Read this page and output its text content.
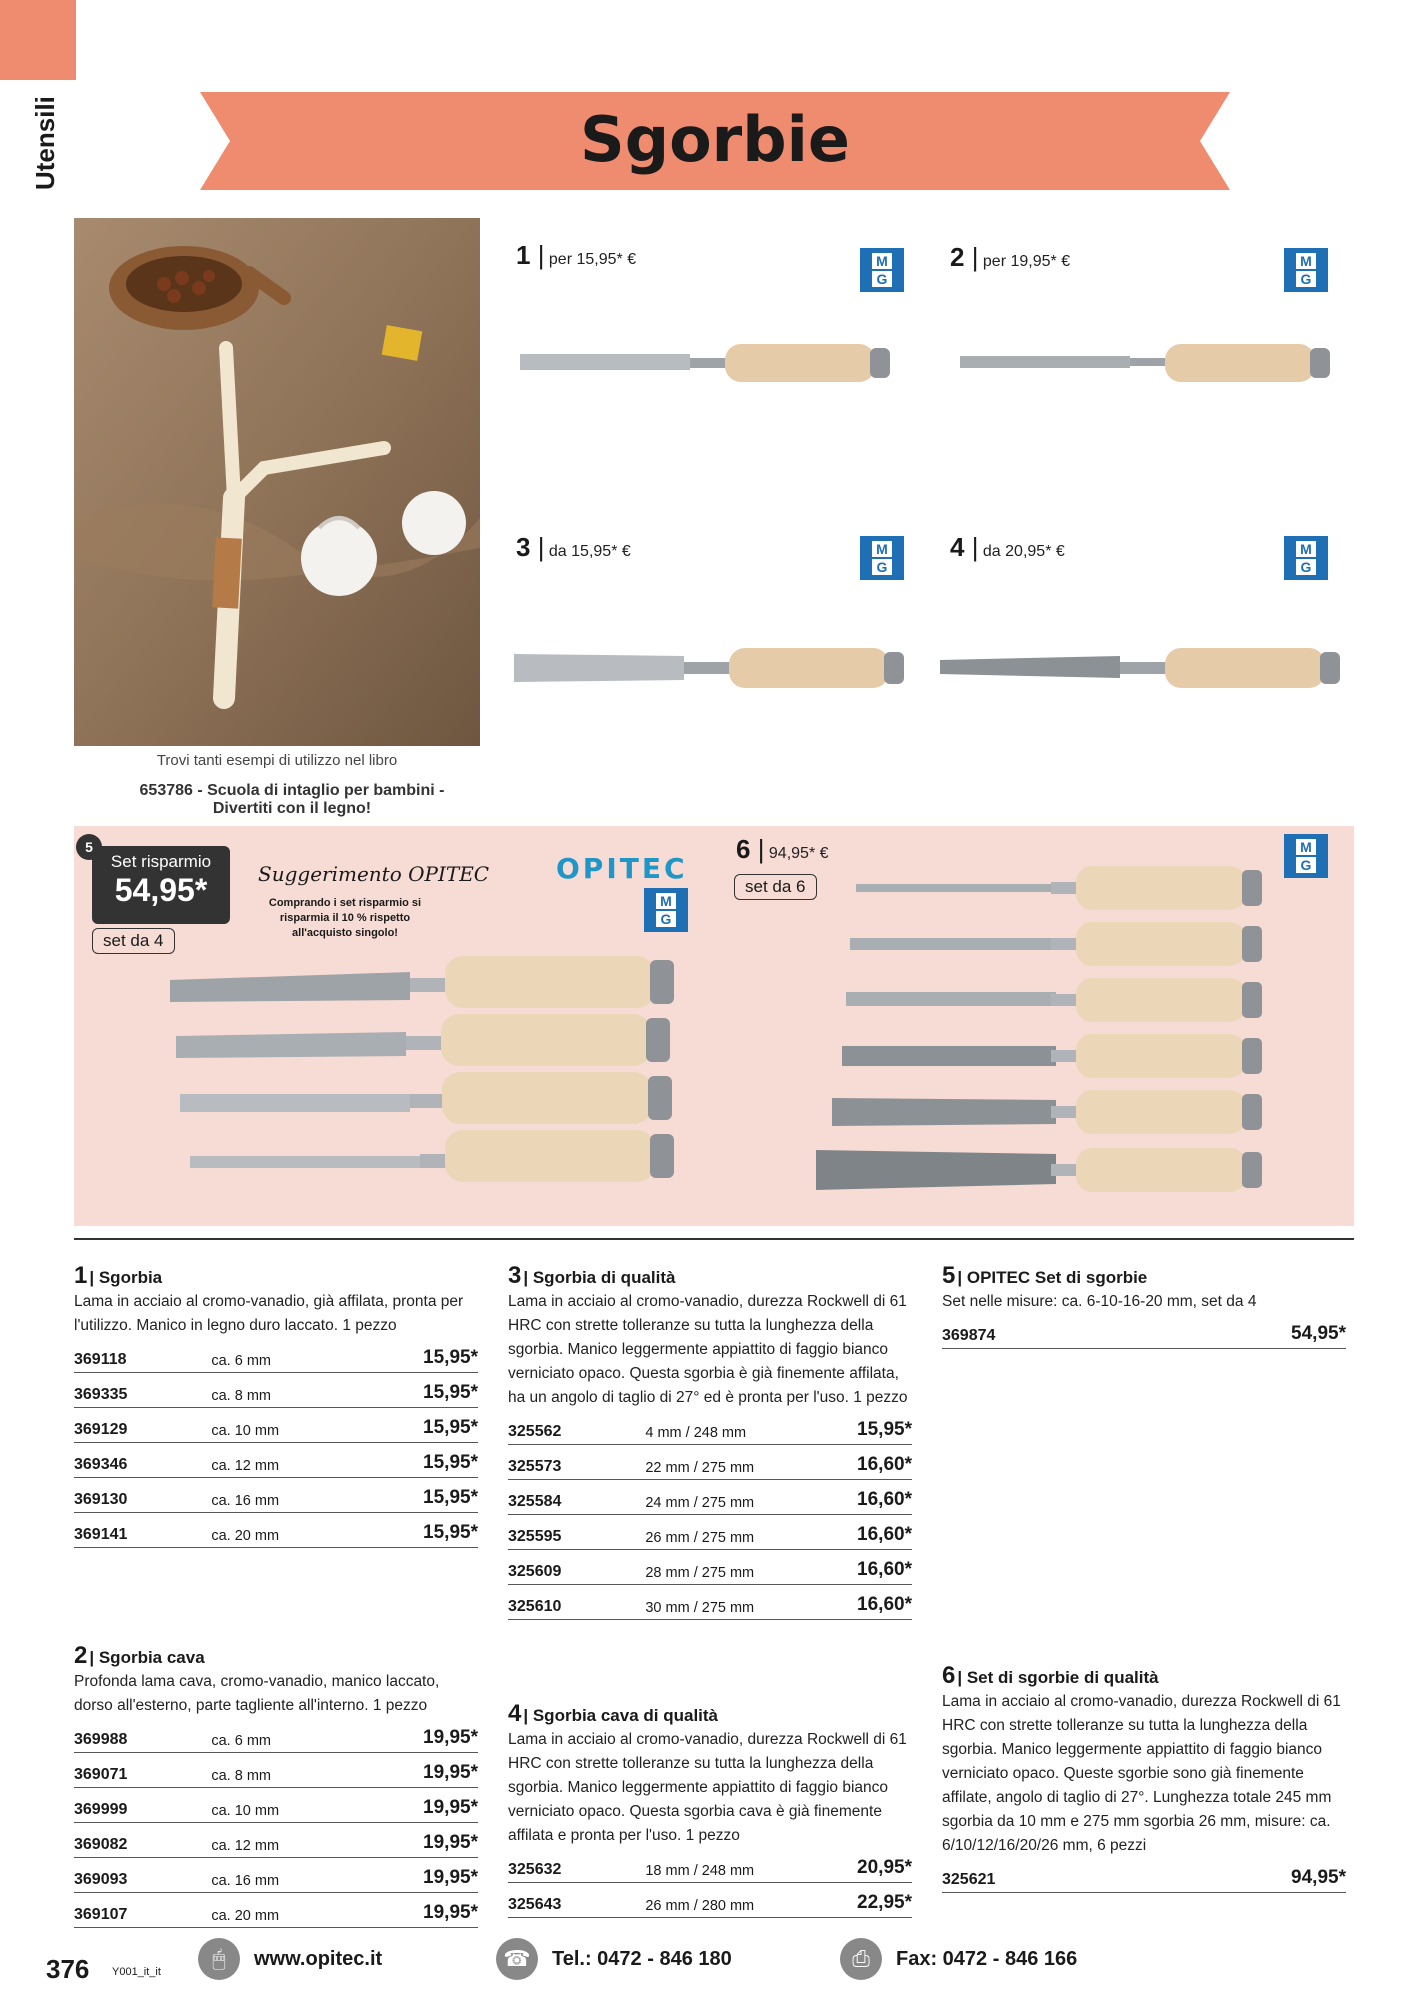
Utensili	Sgorbie
Trovi tanti esempi di utilizzo nel libro
653786 - Scuola di intaglio per bambini -
Divertiti con il legno!
1 | per 15,95* €	2 | per 19,95* €
3 | da 15,95* €	4 | da 20,95* €
M
G
M
G
M
G
M
G
Set risparmio
54,95*
5
set da 4
Suggerimento OPITEC
Comprando i set risparmio si
risparmia il 10 % rispetto
all'acquisto singolo!
OPITEC
M
G
6 | 94,95* €
set da 6
M
G
1 | Sgorbia
Lama in acciaio al cromo-vanadio, già affilata, pronta per l'utilizzo. Manico in legno duro laccato. 1 pezzo
369118	ca. 6 mm	15,95*
369335	ca. 8 mm	15,95*
369129	ca. 10 mm	15,95*
369346	ca. 12 mm	15,95*
369130	ca. 16 mm	15,95*
369141	ca. 20 mm	15,95*
2 | Sgorbia cava
Profonda lama cava, cromo-vanadio, manico laccato, dorso all'esterno, parte tagliente all'interno. 1 pezzo
369988	ca. 6 mm	19,95*
369071	ca. 8 mm	19,95*
369999	ca. 10 mm	19,95*
369082	ca. 12 mm	19,95*
369093	ca. 16 mm	19,95*
369107	ca. 20 mm	19,95*
3 | Sgorbia di qualità
Lama in acciaio al cromo-vanadio, durezza Rockwell di 61 HRC con strette tolleranze su tutta la lunghezza della sgorbia. Manico leggermente appiattito di faggio bianco verniciato opaco. Questa sgorbia è già finemente affilata, ha un angolo di taglio di 27° ed è pronta per l'uso. 1 pezzo
325562	4 mm / 248 mm	15,95*
325573	22 mm / 275 mm	16,60*
325584	24 mm / 275 mm	16,60*
325595	26 mm / 275 mm	16,60*
325609	28 mm / 275 mm	16,60*
325610	30 mm / 275 mm	16,60*
4 | Sgorbia cava di qualità
Lama in acciaio al cromo-vanadio, durezza Rockwell di 61 HRC con strette tolleranze su tutta la lunghezza della sgorbia. Manico leggermente appiattito di faggio bianco verniciato opaco. Questa sgorbia cava è già finemente affilata e pronta per l'uso. 1 pezzo
325632	18 mm / 248 mm	20,95*
325643	26 mm / 280 mm	22,95*
5 | OPITEC Set di sgorbie
Set nelle misure: ca. 6-10-16-20 mm, set da 4
369874		54,95*
6 | Set di sgorbie di qualità
Lama in acciaio al cromo-vanadio, durezza Rockwell di 61 HRC con strette tolleranze su tutta la lunghezza della sgorbia. Manico leggermente appiattito di faggio bianco verniciato opaco. Queste sgorbie sono già finemente affilate, angolo di taglio di 27°. Lunghezza totale 245 mm sgorbia da 10 mm e 275 mm sgorbia 26 mm, misure: ca. 6/10/12/16/20/26 mm, 6 pezzi
325621		94,95*
376 Y001_it_it
🖱	www.opitec.it	☎	Tel.: 0472 - 846 180	⎙	Fax: 0472 - 846 166
